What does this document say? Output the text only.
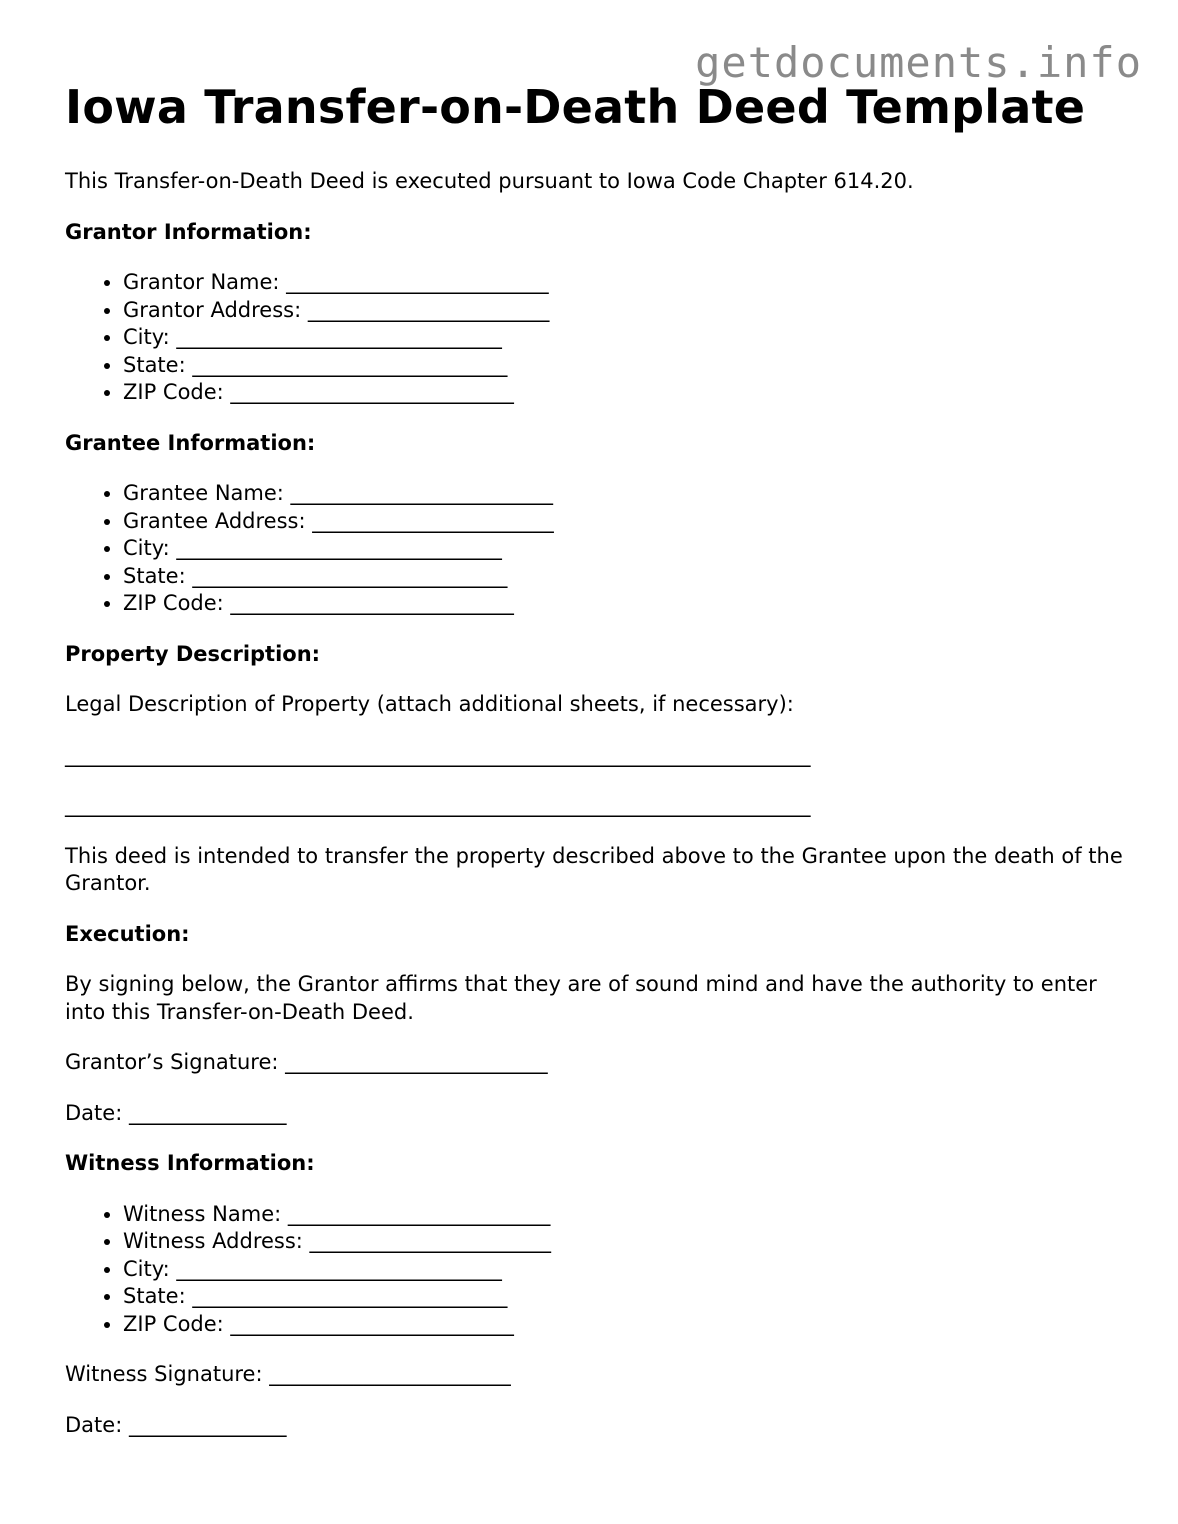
getdocuments.info
Iowa Transfer-on-Death Deed Template

This Transfer-on-Death Deed is executed pursuant to Iowa Code Chapter 614.20.

Grantor Information:
• Grantor Name: _________________________
• Grantor Address: _______________________
• City: _______________________________
• State: ______________________________
• ZIP Code: ___________________________
Grantee Information:
• Grantee Name: _________________________
• Grantee Address: _______________________
• City: _______________________________
• State: ______________________________
• ZIP Code: ___________________________
Property Description:

Legal Description of Property (attach additional sheets, if necessary):

_______________________________________________________________________
_______________________________________________________________________

This deed is intended to transfer the property described above to the Grantee upon the death of the Grantor.

Execution:

By signing below, the Grantor affirms that they are of sound mind and have the authority to enter into this Transfer-on-Death Deed.

Grantor’s Signature: _________________________

Date: _______________

Witness Information:
• Witness Name: _________________________
• Witness Address: _______________________
• City: _______________________________
• State: ______________________________
• ZIP Code: ___________________________

Witness Signature: _______________________

Date: _______________
